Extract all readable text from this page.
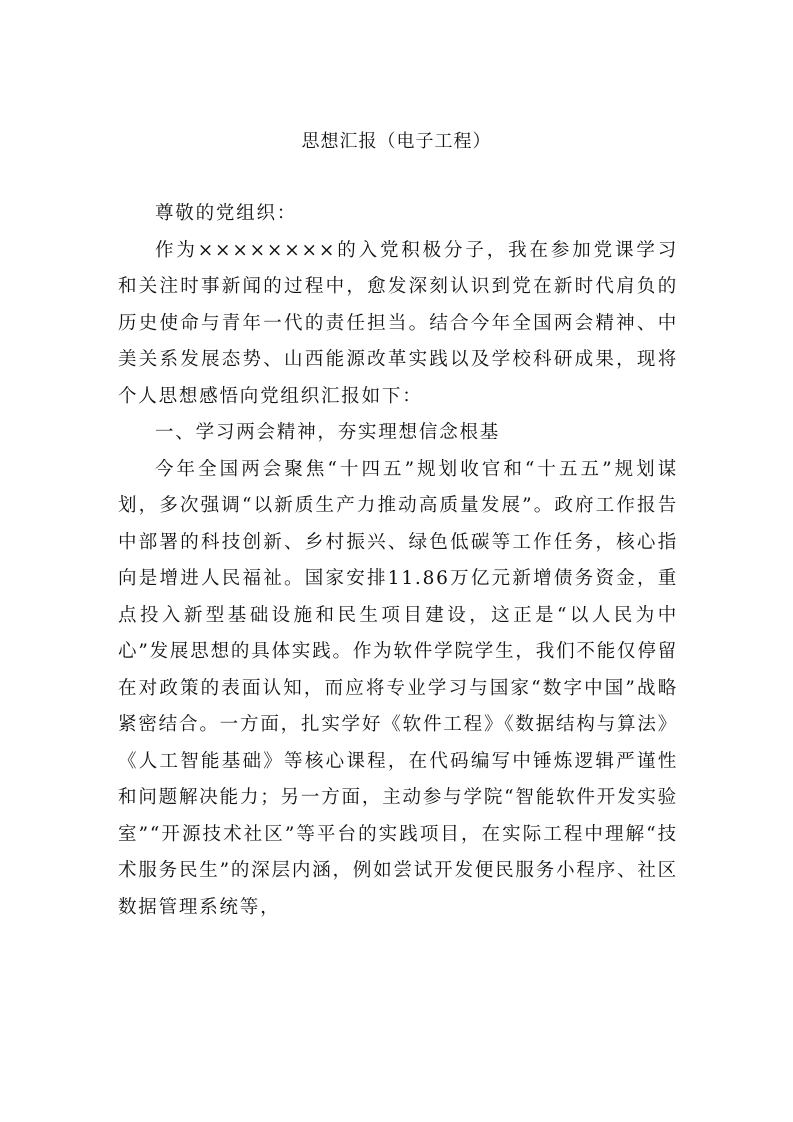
思想汇报（电子工程）

尊敬的党组织：

作为××××××××的入党积极分子，我在参加党课学习和关注时事新闻的过程中，愈发深刻认识到党在新时代肩负的历史使命与青年一代的责任担当。结合今年全国两会精神、中美关系发展态势、山西能源改革实践以及学校科研成果，现将个人思想感悟向党组织汇报如下：

一、学习两会精神，夯实理想信念根基

今年全国两会聚焦“十四五”规划收官和“十五五”规划谋划，多次强调“以新质生产力推动高质量发展”。政府工作报告中部署的科技创新、乡村振兴、绿色低碳等工作任务，核心指向是增进人民福祉。国家安排11.86万亿元新增债务资金，重点投入新型基础设施和民生项目建设，这正是“以人民为中心”发展思想的具体实践。作为软件学院学生，我们不能仅停留在对政策的表面认知，而应将专业学习与国家“数字中国”战略紧密结合。一方面，扎实学好《软件工程》《数据结构与算法》《人工智能基础》等核心课程，在代码编写中锤炼逻辑严谨性和问题解决能力；另一方面，主动参与学院“智能软件开发实验室”“开源技术社区”等平台的实践项目，在实际工程中理解“技术服务民生”的深层内涵，例如尝试开发便民服务小程序、社区数据管理系统等，
